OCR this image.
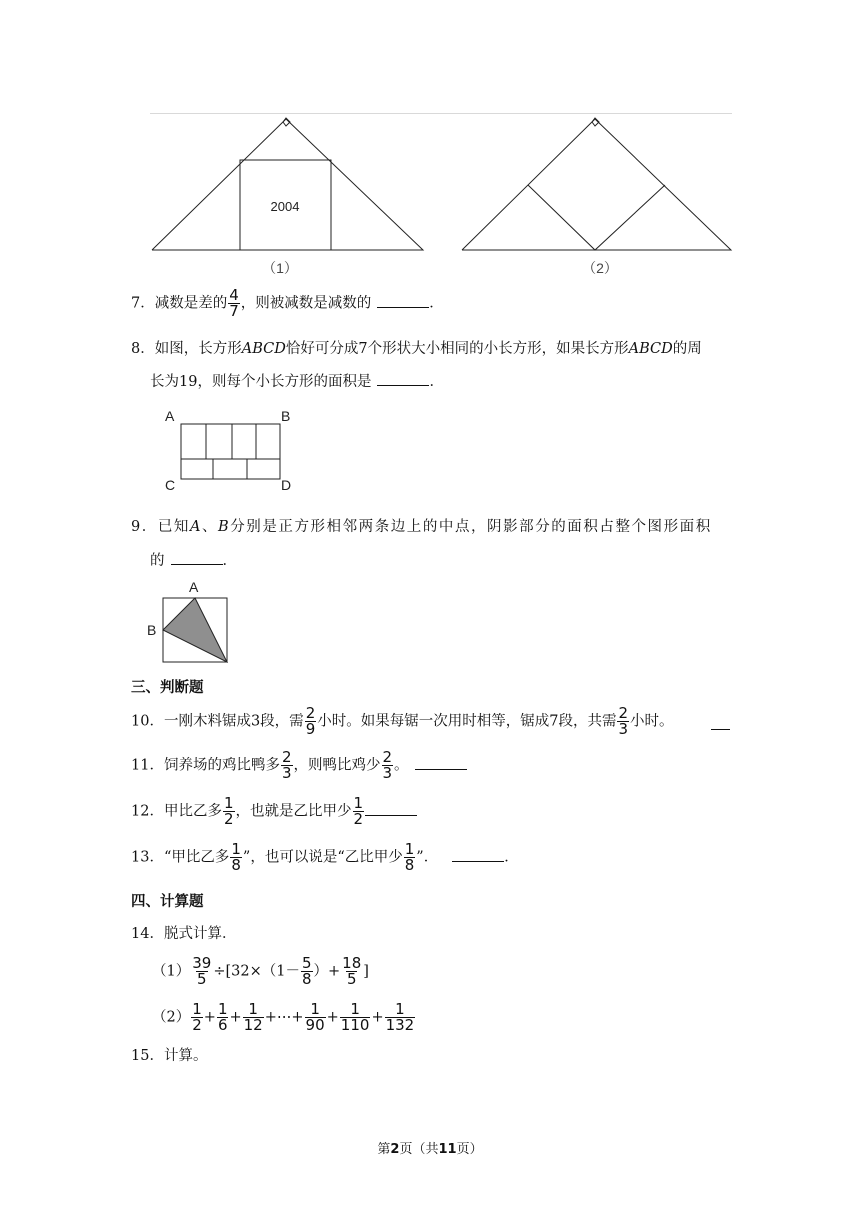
2004
（1）	（2）
7．减数是差的 $\frac{4}{7}$ ，则被减数是减数的	．
8．如图，长方形ABCD恰好可分成7个形状大小相同的小长方形，如果长方形ABCD的周
长为19，则每个小长方形的面积是	．
A	B
C	D
9．已知A、B分别是正方形相邻两条边上的中点，阴影部分的面积占整个图形面积
的	．
A
B
三、判断题
10．一刚木料锯成3段，需 $\frac{2}{9}$ 小时。如果每锯一次用时相等，锯成7段，共需 $\frac{2}{3}$ 小时。
11．饲养场的鸡比鸭多 $\frac{2}{3}$ ，则鸭比鸡少 $\frac{2}{3}$ 。
12．甲比乙多 $\frac{1}{2}$ ，也就是乙比甲少 $\frac{1}{2}$
13．“甲比乙多 $\frac{1}{8}$ ”，也可以说是“乙比甲少 $\frac{1}{8}$ ”．	．
四、计算题
14．脱式计算．
$(1) \frac{39}{5} \div[32\times(1- \frac{5}{8}$ ）+ $\frac{18}{5}$ ]
$(2) \frac{1}{2} + \frac{1}{6} + \frac{1}{12}$ +⋯+ $\frac{1}{90} + \frac{1}{110} + \frac{1}{132}$
15．计算。
第2页（共11页）
